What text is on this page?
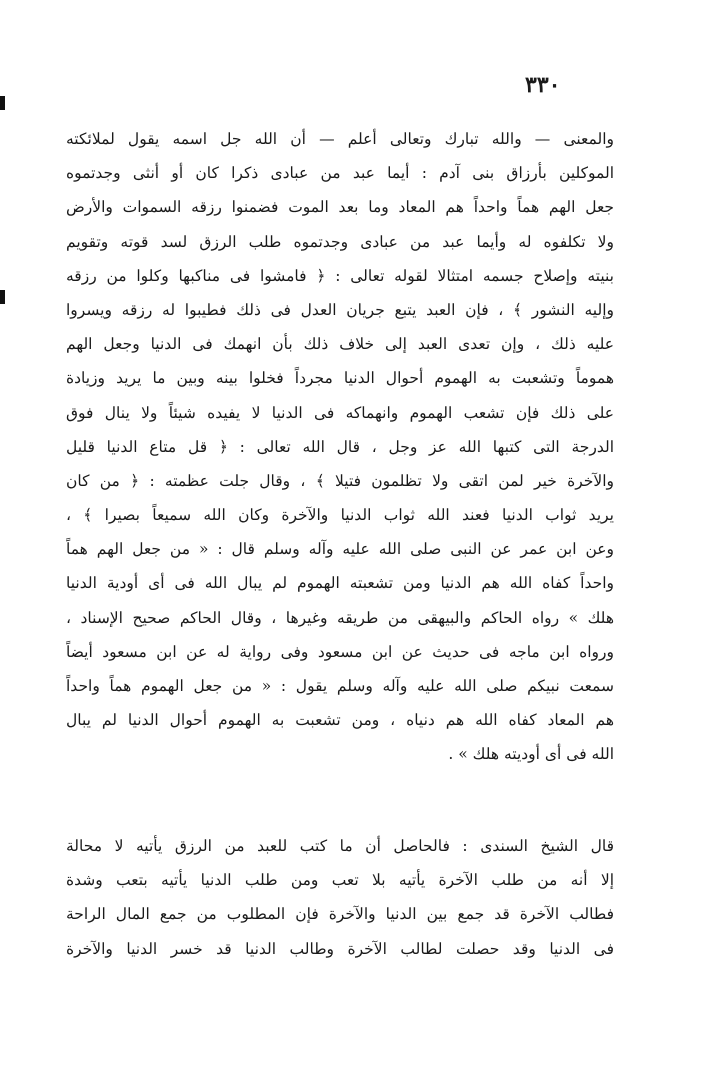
٣٣٠
والمعنى — والله تبارك وتعالى أعلم — أن الله جل اسمه يقول لملائكته
الموكلين بأرزاق بنى آدم : أيما عبد من عبادى ذكرا كان أو أنثى وجدتموه
جعل الهم هماً واحداً هم المعاد وما بعد الموت فضمنوا رزقه السموات والأرض
ولا تكلفوه له وأيما عبد من عبادى وجدتموه طلب الرزق لسد قوته وتقويم
بنيته وإصلاح جسمه امتثالا لقوله تعالى : ﴿ فامشوا فى مناكبها وكلوا من رزقه
وإليه النشور ﴾ ، فإن العبد يتبع جريان العدل فى ذلك فطيبوا له رزقه ويسروا
عليه ذلك ، وإن تعدى العبد إلى خلاف ذلك بأن انهمك فى الدنيا وجعل الهم
هموماً وتشعبت به الهموم أحوال الدنيا مجرداً فخلوا بينه وبين ما يريد وزيادة
على ذلك فإن تشعب الهموم وانهماكه فى الدنيا لا يفيده شيئاً ولا ينال فوق
الدرجة التى كتبها الله عز وجل ، قال الله تعالى : ﴿ قل متاع الدنيا قليل
والآخرة خير لمن اتقى ولا تظلمون فتيلا ﴾ ، وقال جلت عظمته : ﴿ من كان
يريد ثواب الدنيا فعند الله ثواب الدنيا والآخرة وكان الله سميعاً بصيرا ﴾ ،
وعن ابن عمر عن النبى صلى الله عليه وآله وسلم قال : « من جعل الهم هماً
واحداً كفاه الله هم الدنيا ومن تشعبته الهموم لم يبال الله فى أى أودية الدنيا
هلك » رواه الحاكم والبيهقى من طريقه وغيرها ، وقال الحاكم صحيح الإسناد ،
ورواه ابن ماجه فى حديث عن ابن مسعود وفى رواية له عن ابن مسعود أيضاً
سمعت نبيكم صلى الله عليه وآله وسلم يقول : « من جعل الهموم هماً واحداً
هم المعاد كفاه الله هم دنياه ، ومن تشعبت به الهموم أحوال الدنيا لم يبال
الله فى أى أوديته هلك » .
قال الشيخ السندى : فالحاصل أن ما كتب للعبد من الرزق يأتيه لا محالة
إلا أنه من طلب الآخرة يأتيه بلا تعب ومن طلب الدنيا يأتيه بتعب وشدة
فطالب الآخرة قد جمع بين الدنيا والآخرة فإن المطلوب من جمع المال الراحة
فى الدنيا وقد حصلت لطالب الآخرة وطالب الدنيا قد خسر الدنيا والآخرة
